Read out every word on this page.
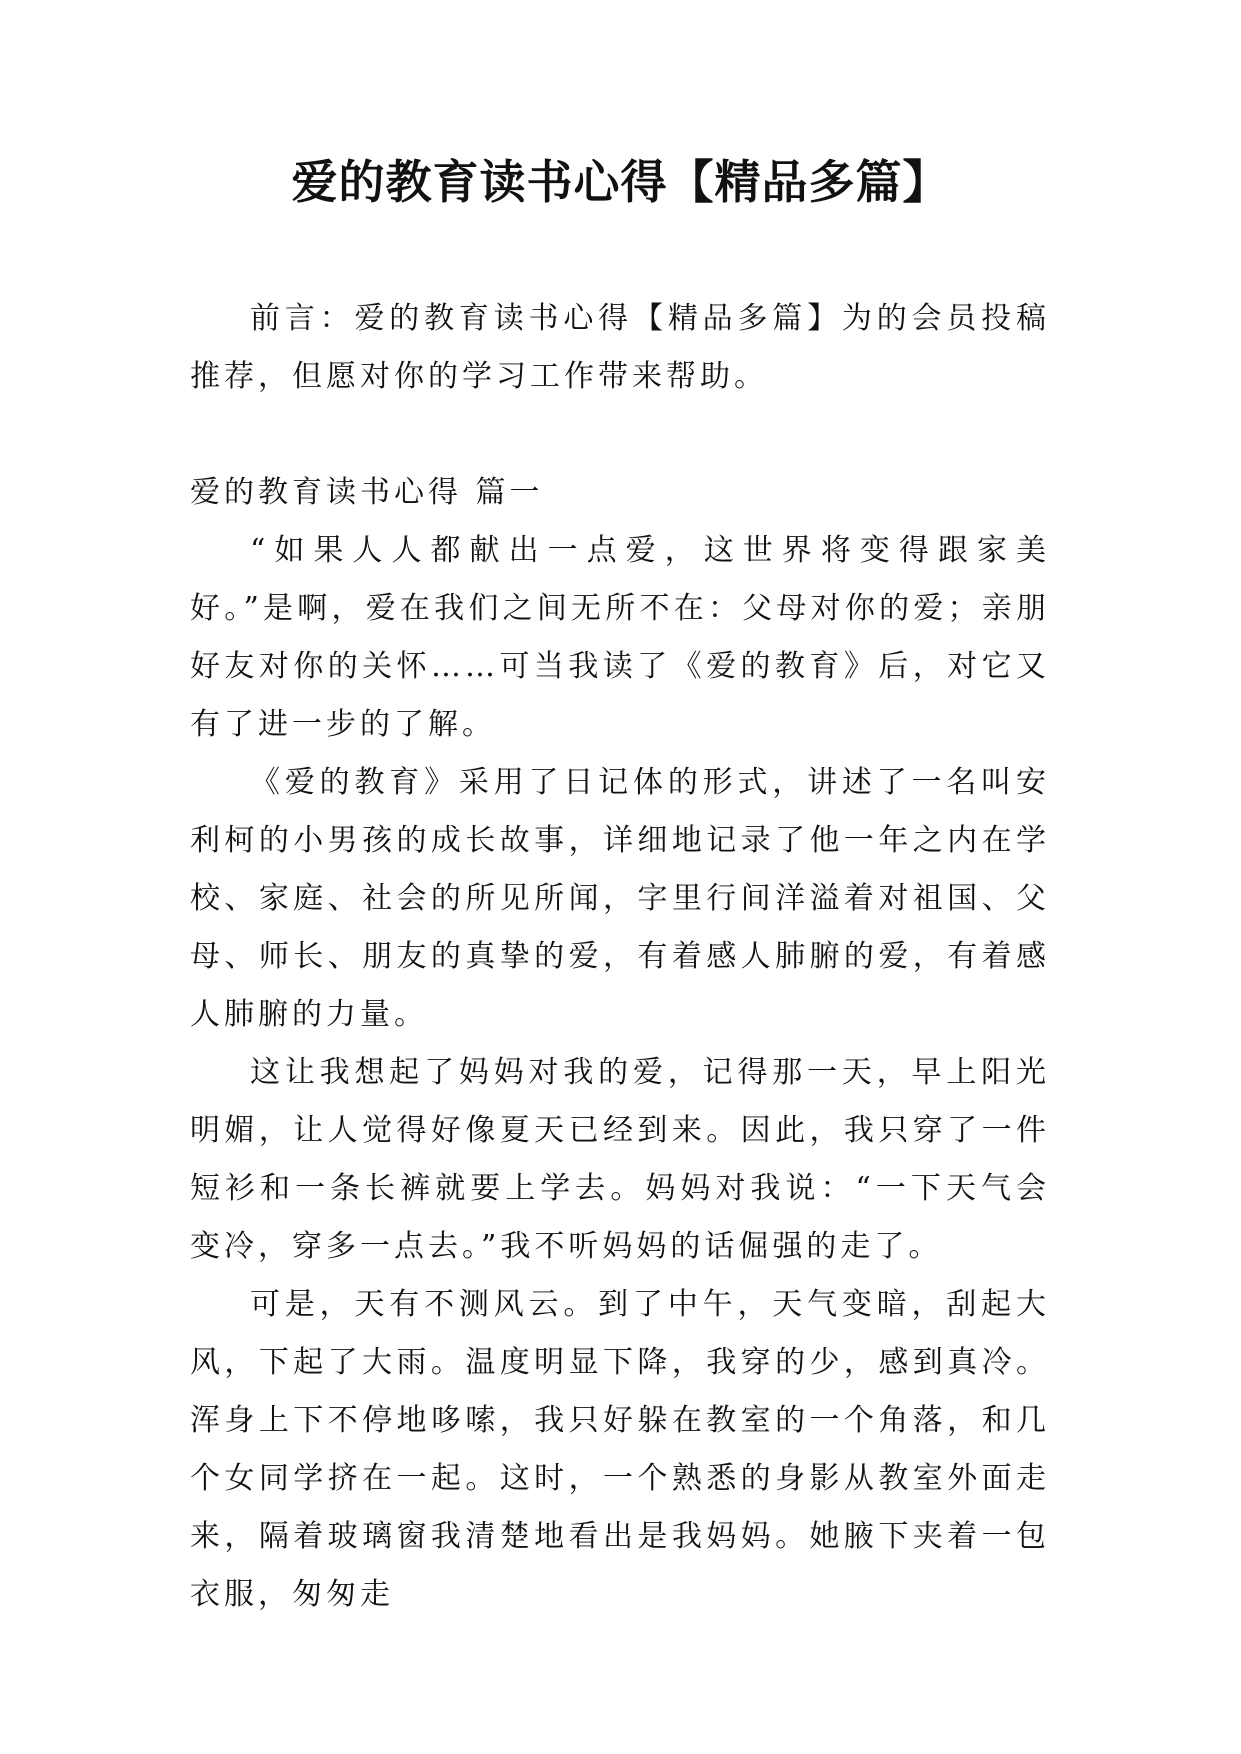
爱的教育读书心得【精品多篇】

前言：爱的教育读书心得【精品多篇】为的会员投稿推荐，但愿对你的学习工作带来帮助。

爱的教育读书心得 篇一

“如果人人都献出一点爱，这世界将变得跟家美好。”是啊，爱在我们之间无所不在：父母对你的爱；亲朋好友对你的关怀……可当我读了《爱的教育》后，对它又有了进一步的了解。

《爱的教育》采用了日记体的形式，讲述了一名叫安利柯的小男孩的成长故事，详细地记录了他一年之内在学校、家庭、社会的所见所闻，字里行间洋溢着对祖国、父母、师长、朋友的真挚的爱，有着感人肺腑的爱，有着感人肺腑的力量。

这让我想起了妈妈对我的爱，记得那一天，早上阳光明媚，让人觉得好像夏天已经到来。因此，我只穿了一件短衫和一条长裤就要上学去。妈妈对我说：“一下天气会变冷，穿多一点去。”我不听妈妈的话倔强的走了。

可是，天有不测风云。到了中午，天气变暗，刮起大风，下起了大雨。温度明显下降，我穿的少，感到真冷。浑身上下不停地哆嗦，我只好躲在教室的一个角落，和几个女同学挤在一起。这时，一个熟悉的身影从教室外面走来，隔着玻璃窗我清楚地看出是我妈妈。她腋下夹着一包衣服，匆匆走
